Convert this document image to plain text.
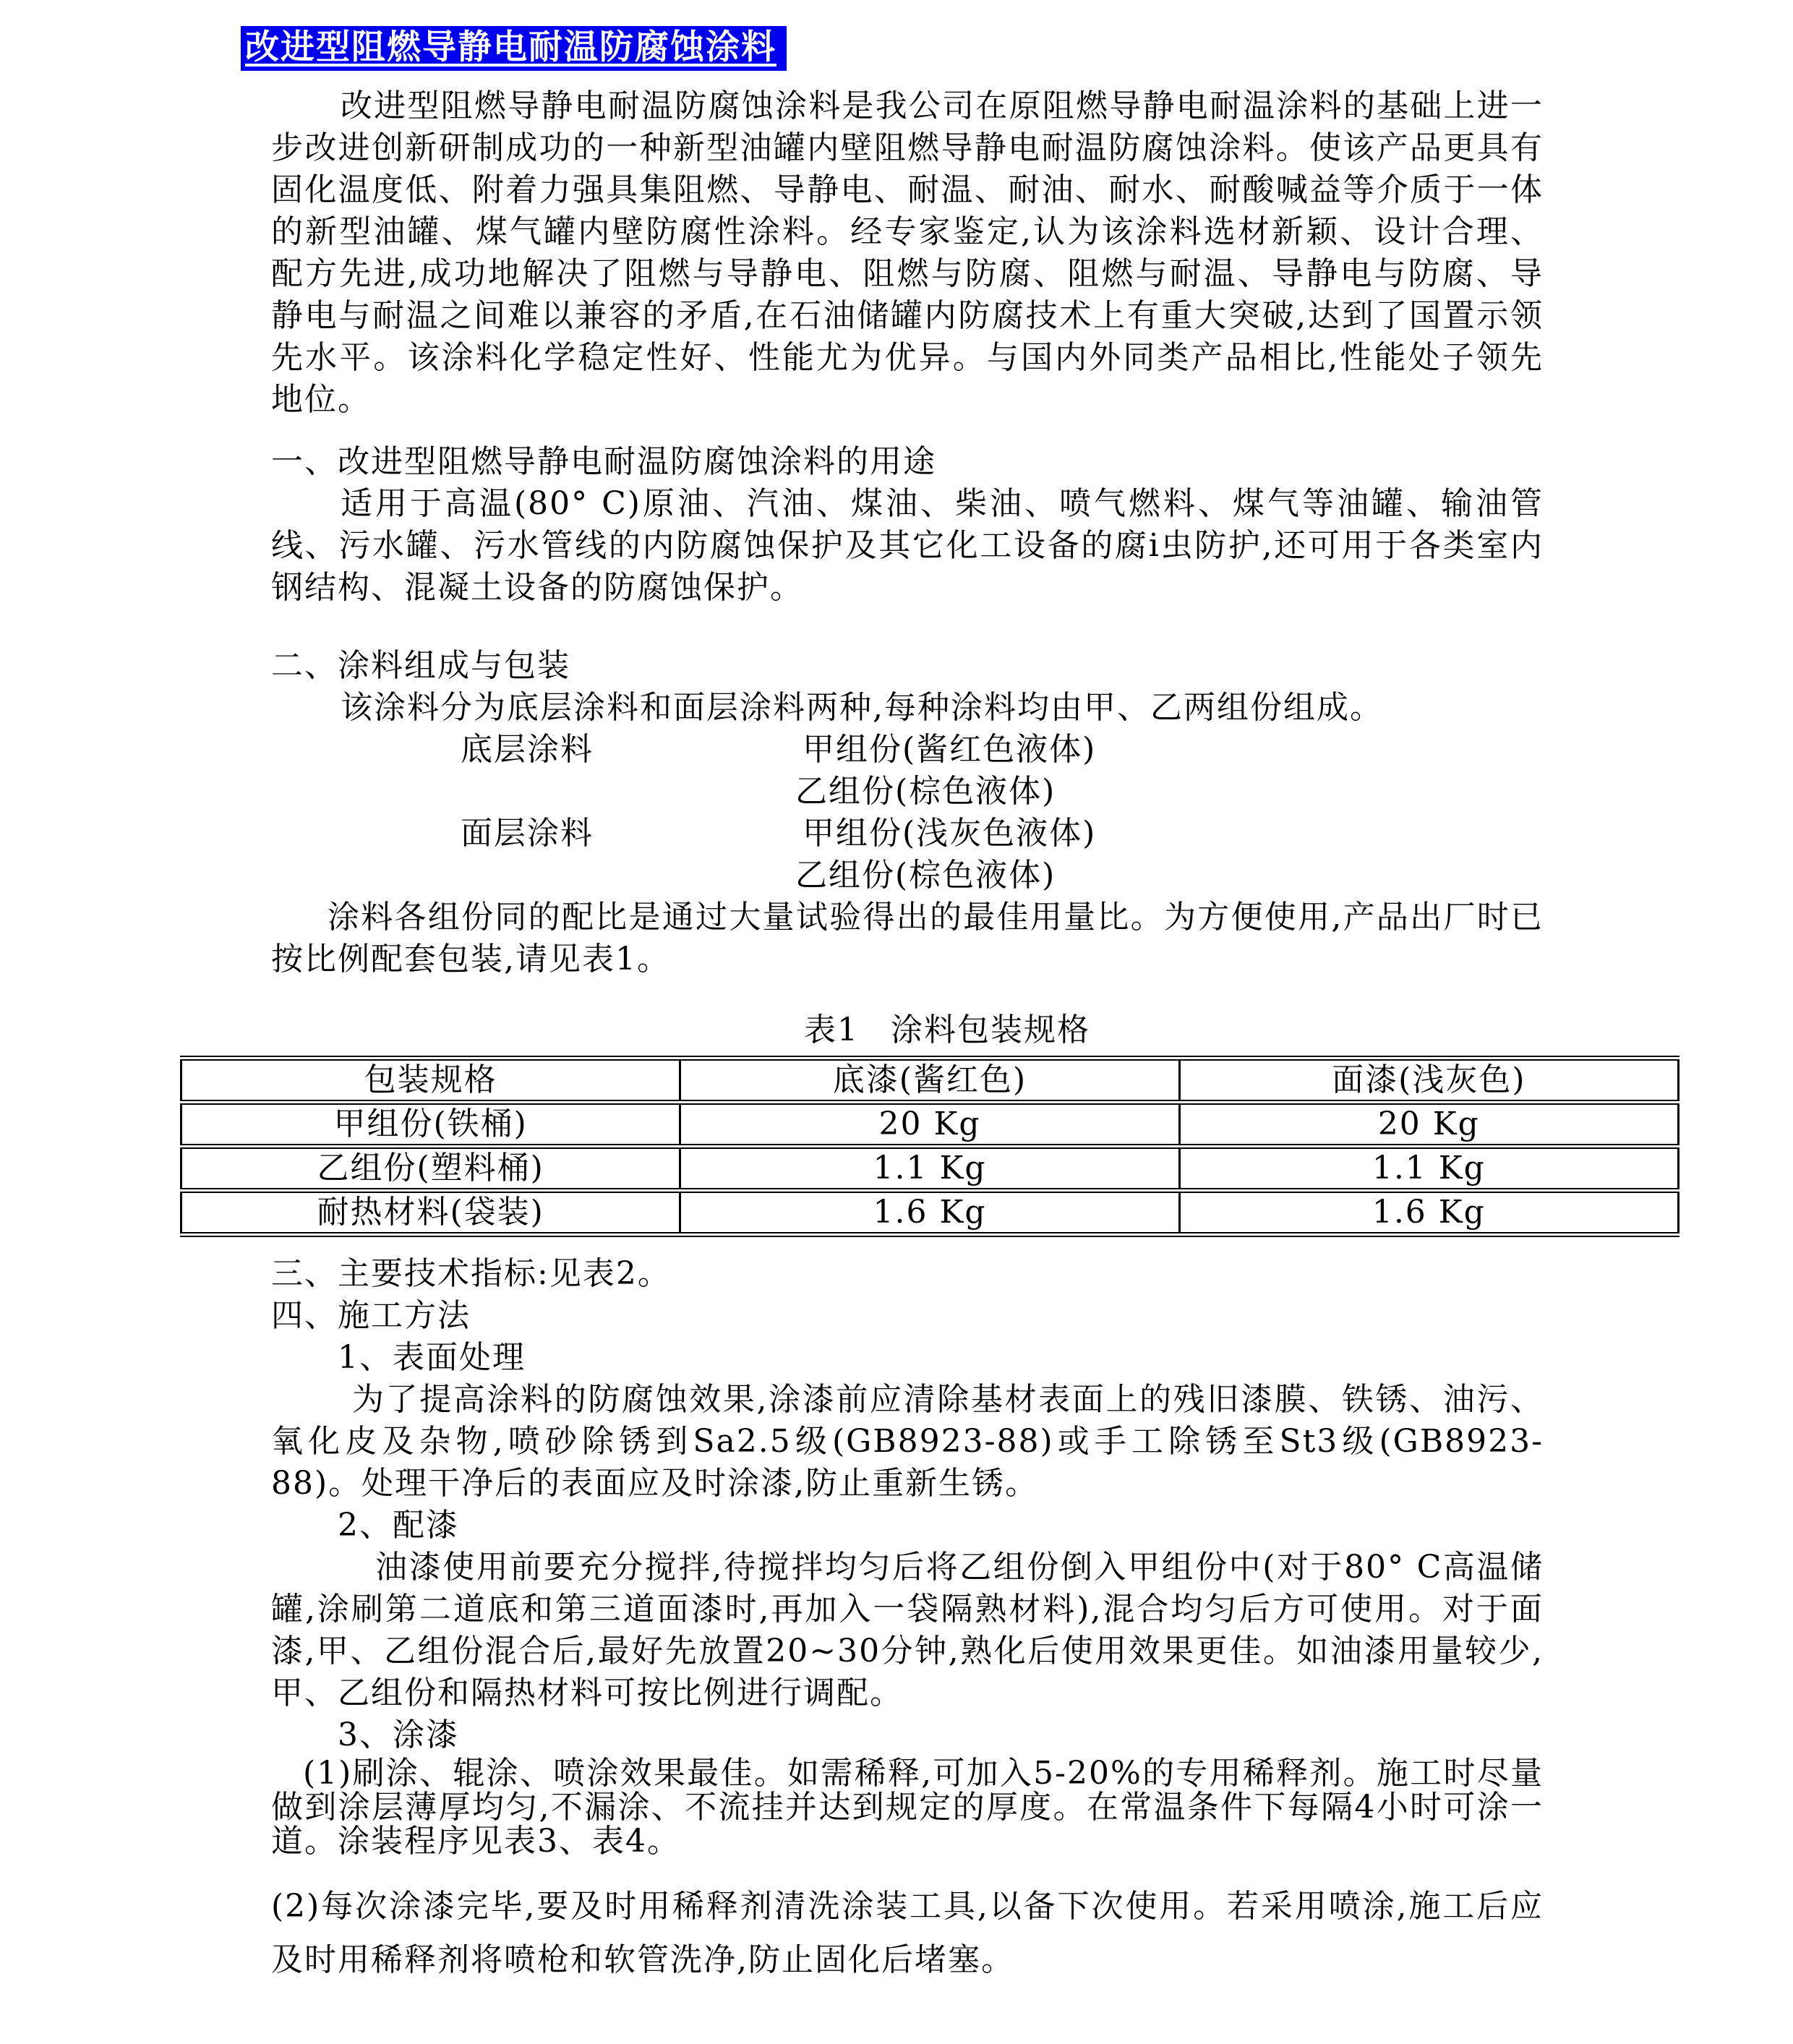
改进型阻燃导静电耐温防腐蚀涂料

改进型阻燃导静电耐温防腐蚀涂料是我公司在原阻燃导静电耐温涂料的基础上进一步改进创新研制成功的一种新型油罐内壁阻燃导静电耐温防腐蚀涂料。使该产品更具有固化温度低、附着力强具集阻燃、导静电、耐温、耐油、耐水、耐酸喊益等介质于一体的新型油罐、煤气罐内壁防腐性涂料。经专家鉴定,认为该涂料选材新颖、设计合理、配方先进,成功地解决了阻燃与导静电、阻燃与防腐、阻燃与耐温、导静电与防腐、导静电与耐温之间难以兼容的矛盾,在石油储罐内防腐技术上有重大突破,达到了国置示领先水平。该涂料化学稳定性好、性能尤为优异。与国内外同类产品相比,性能处子领先地位。

一、改进型阻燃导静电耐温防腐蚀涂料的用途

适用于高温(80° C)原油、汽油、煤油、柴油、喷气燃料、煤气等油罐、输油管线、污水罐、污水管线的内防腐蚀保护及其它化工设备的腐i虫防护,还可用于各类室内钢结构、混凝土设备的防腐蚀保护。

二、涂料组成与包装

该涂料分为底层涂料和面层涂料两种,每种涂料均由甲、乙两组份组成。

底层涂料	甲组份(酱红色液体)
乙组份(棕色液体)
面层涂料	甲组份(浅灰色液体)
乙组份(棕色液体)

涂料各组份同的配比是通过大量试验得出的最佳用量比。为方便使用,产品出厂时已按比例配套包装,请见表1。

表1 涂料包装规格
包装规格	底漆(酱红色)	面漆(浅灰色)
甲组份(铁桶)	20 Kg	20 Kg
乙组份(塑料桶)	1.1 Kg	1.1 Kg
耐热材料(袋装)	1.6 Kg	1.6 Kg

三、主要技术指标:见表2。

四、施工方法

1、表面处理

为了提高涂料的防腐蚀效果,涂漆前应清除基材表面上的残旧漆膜、铁锈、油污、氧化皮及杂物,喷砂除锈到Sa2.5级(GB8923-88)或手工除锈至St3级(GB8923-88)。处理干净后的表面应及时涂漆,防止重新生锈。

2、配漆

油漆使用前要充分搅拌,待搅拌均匀后将乙组份倒入甲组份中(对于80° C高温储罐,涂刷第二道底和第三道面漆时,再加入一袋隔熟材料),混合均匀后方可使用。对于面漆,甲、乙组份混合后,最好先放置20~30分钟,熟化后使用效果更佳。如油漆用量较少,甲、乙组份和隔热材料可按比例进行调配。

3、涂漆

(1)刷涂、辊涂、喷涂效果最佳。如需稀释,可加入5-20%的专用稀释剂。施工时尽量做到涂层薄厚均匀,不漏涂、不流挂并达到规定的厚度。在常温条件下每隔4小时可涂一道。涂装程序见表3、表4。

(2)每次涂漆完毕,要及时用稀释剂清洗涂装工具,以备下次使用。若采用喷涂,施工后应及时用稀释剂将喷枪和软管洗净,防止固化后堵塞。
